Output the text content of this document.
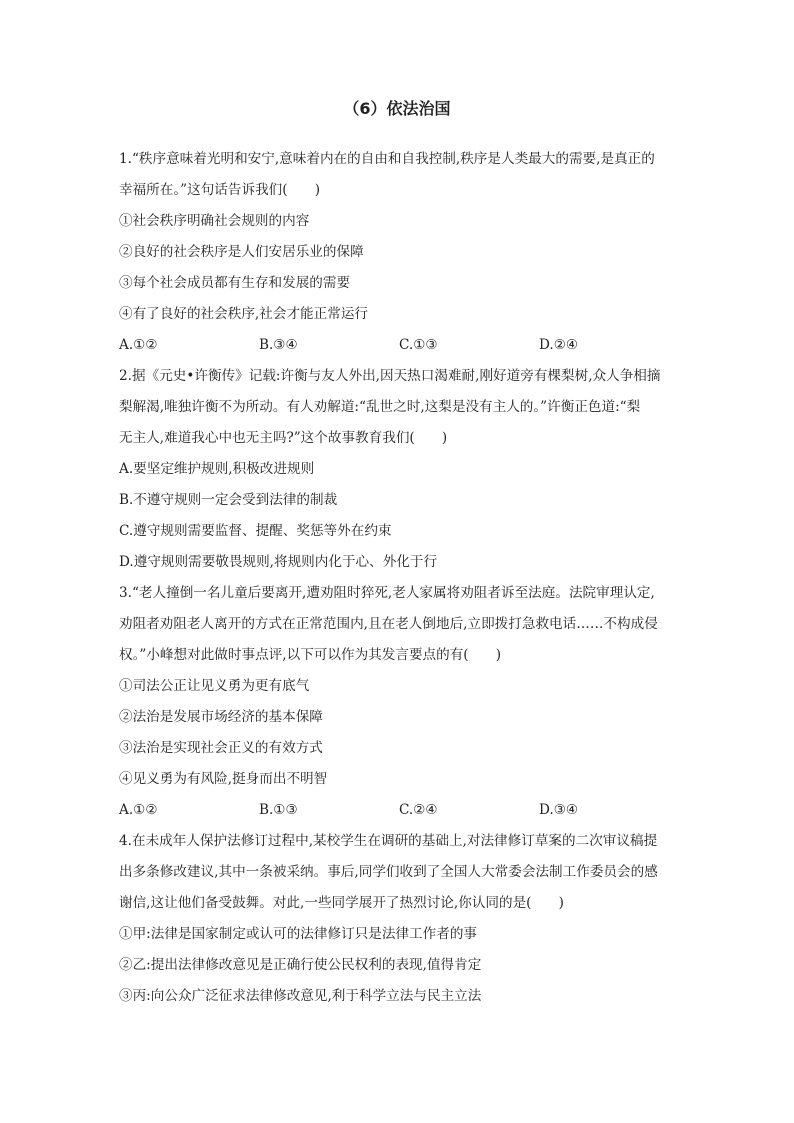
（6）依法治国
1.“秩序意味着光明和安宁,意味着内在的自由和自我控制,秩序是人类最大的需要,是真正的
幸福所在。”这句话告诉我们(　　)
①社会秩序明确社会规则的内容
②良好的社会秩序是人们安居乐业的保障
③每个社会成员都有生存和发展的需要
④有了良好的社会秩序,社会才能正常运行
A.①②	B.③④	C.①③	D.②④
2.据《元史•许衡传》记载:许衡与友人外出,因天热口渴难耐,刚好道旁有棵梨树,众人争相摘
梨解渴,唯独许衡不为所动。有人劝解道:“乱世之时,这梨是没有主人的。”许衡正色道:“梨
无主人,难道我心中也无主吗?”这个故事教育我们(　　)
A.要坚定维护规则,积极改进规则
B.不遵守规则一定会受到法律的制裁
C.遵守规则需要监督、提醒、奖惩等外在约束
D.遵守规则需要敬畏规则,将规则内化于心、外化于行
3.“老人撞倒一名儿童后要离开,遭劝阻时猝死,老人家属将劝阻者诉至法庭。法院审理认定,
劝阻者劝阻老人离开的方式在正常范围内,且在老人倒地后,立即拨打急救电话……不构成侵
权。”小峰想对此做时事点评,以下可以作为其发言要点的有(　　)
①司法公正让见义勇为更有底气
②法治是发展市场经济的基本保障
③法治是实现社会正义的有效方式
④见义勇为有风险,挺身而出不明智
A.①②	B.①③	C.②④	D.③④
4.在未成年人保护法修订过程中,某校学生在调研的基础上,对法律修订草案的二次审议稿提
出多条修改建议,其中一条被采纳。事后,同学们收到了全国人大常委会法制工作委员会的感
谢信,这让他们备受鼓舞。对此,一些同学展开了热烈讨论,你认同的是(　　)
①甲:法律是国家制定或认可的法律修订只是法律工作者的事
②乙:提出法律修改意见是正确行使公民权利的表现,值得肯定
③丙:向公众广泛征求法律修改意见,利于科学立法与民主立法
